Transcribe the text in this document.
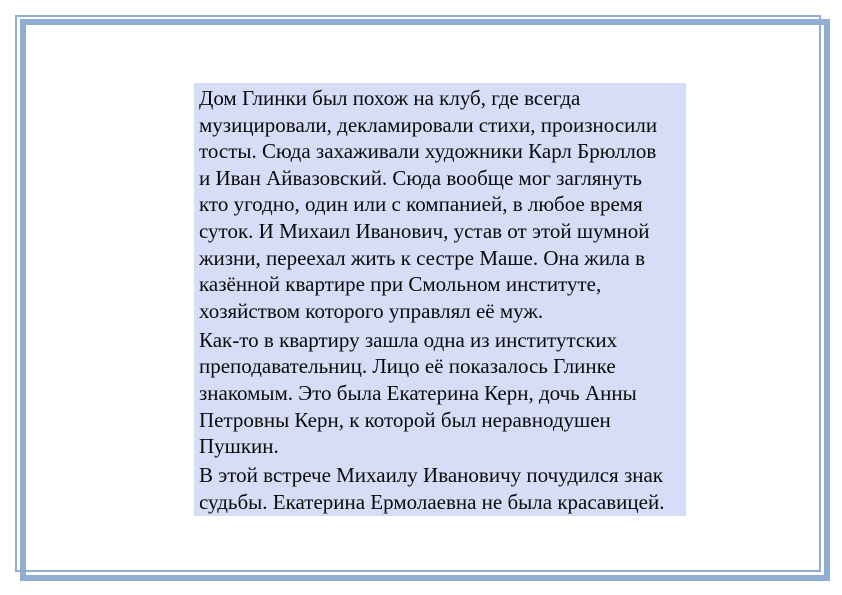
Дом Глинки был похож на клуб, где всегда
музицировали, декламировали стихи, произносили
тосты. Сюда захаживали художники Карл Брюллов
и Иван Айвазовский. Сюда вообще мог заглянуть
кто угодно, один или с компанией, в любое время
суток. И Михаил Иванович, устав от этой шумной
жизни, переехал жить к сестре Маше. Она жила в
казённой квартире при Смольном институте,
хозяйством которого управлял её муж.
Как-то в квартиру зашла одна из институтских
преподавательниц. Лицо её показалось Глинке
знакомым. Это была Екатерина Керн, дочь Анны
Петровны Керн, к которой был неравнодушен
Пушкин.
В этой встрече Михаилу Ивановичу почудился знак
судьбы. Екатерина Ермолаевна не была красавицей.
